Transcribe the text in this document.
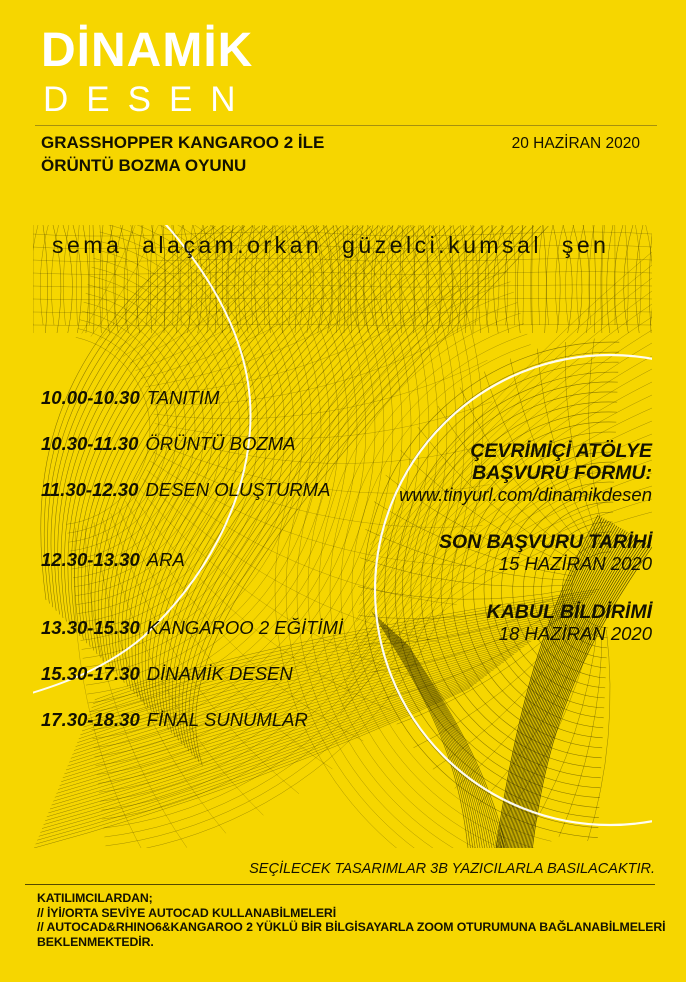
DİNAMİK
DESEN
GRASSHOPPER KANGAROO 2 İLE
ÖRÜNTÜ BOZMA OYUNU
20 HAZİRAN 2020
sema alaçam.orkan güzelci.kumsal şen
10.00-10.30 TANITIM
10.30-11.30 ÖRÜNTÜ BOZMA
11.30-12.30 DESEN OLUŞTURMA
12.30-13.30 ARA
13.30-15.30 KANGAROO 2 EĞİTİMİ
15.30-17.30 DİNAMİK DESEN
17.30-18.30 FİNAL SUNUMLAR
ÇEVRİMİÇİ ATÖLYE
BAŞVURU FORMU:
www.tinyurl.com/dinamikdesen
SON BAŞVURU TARİHİ
15 HAZİRAN 2020
KABUL BİLDİRİMİ
18 HAZİRAN 2020
SEÇİLECEK TASARIMLAR 3B YAZICILARLA BASILACAKTIR.
KATILIMCILARDAN;
// İYİ/ORTA SEVİYE AUTOCAD KULLANABİLMELERİ
// AUTOCAD&RHINO6&KANGAROO 2 YÜKLÜ BİR BİLGİSAYARLA ZOOM OTURUMUNA BAĞLANABİLMELERİ
BEKLENMEKTEDİR.
